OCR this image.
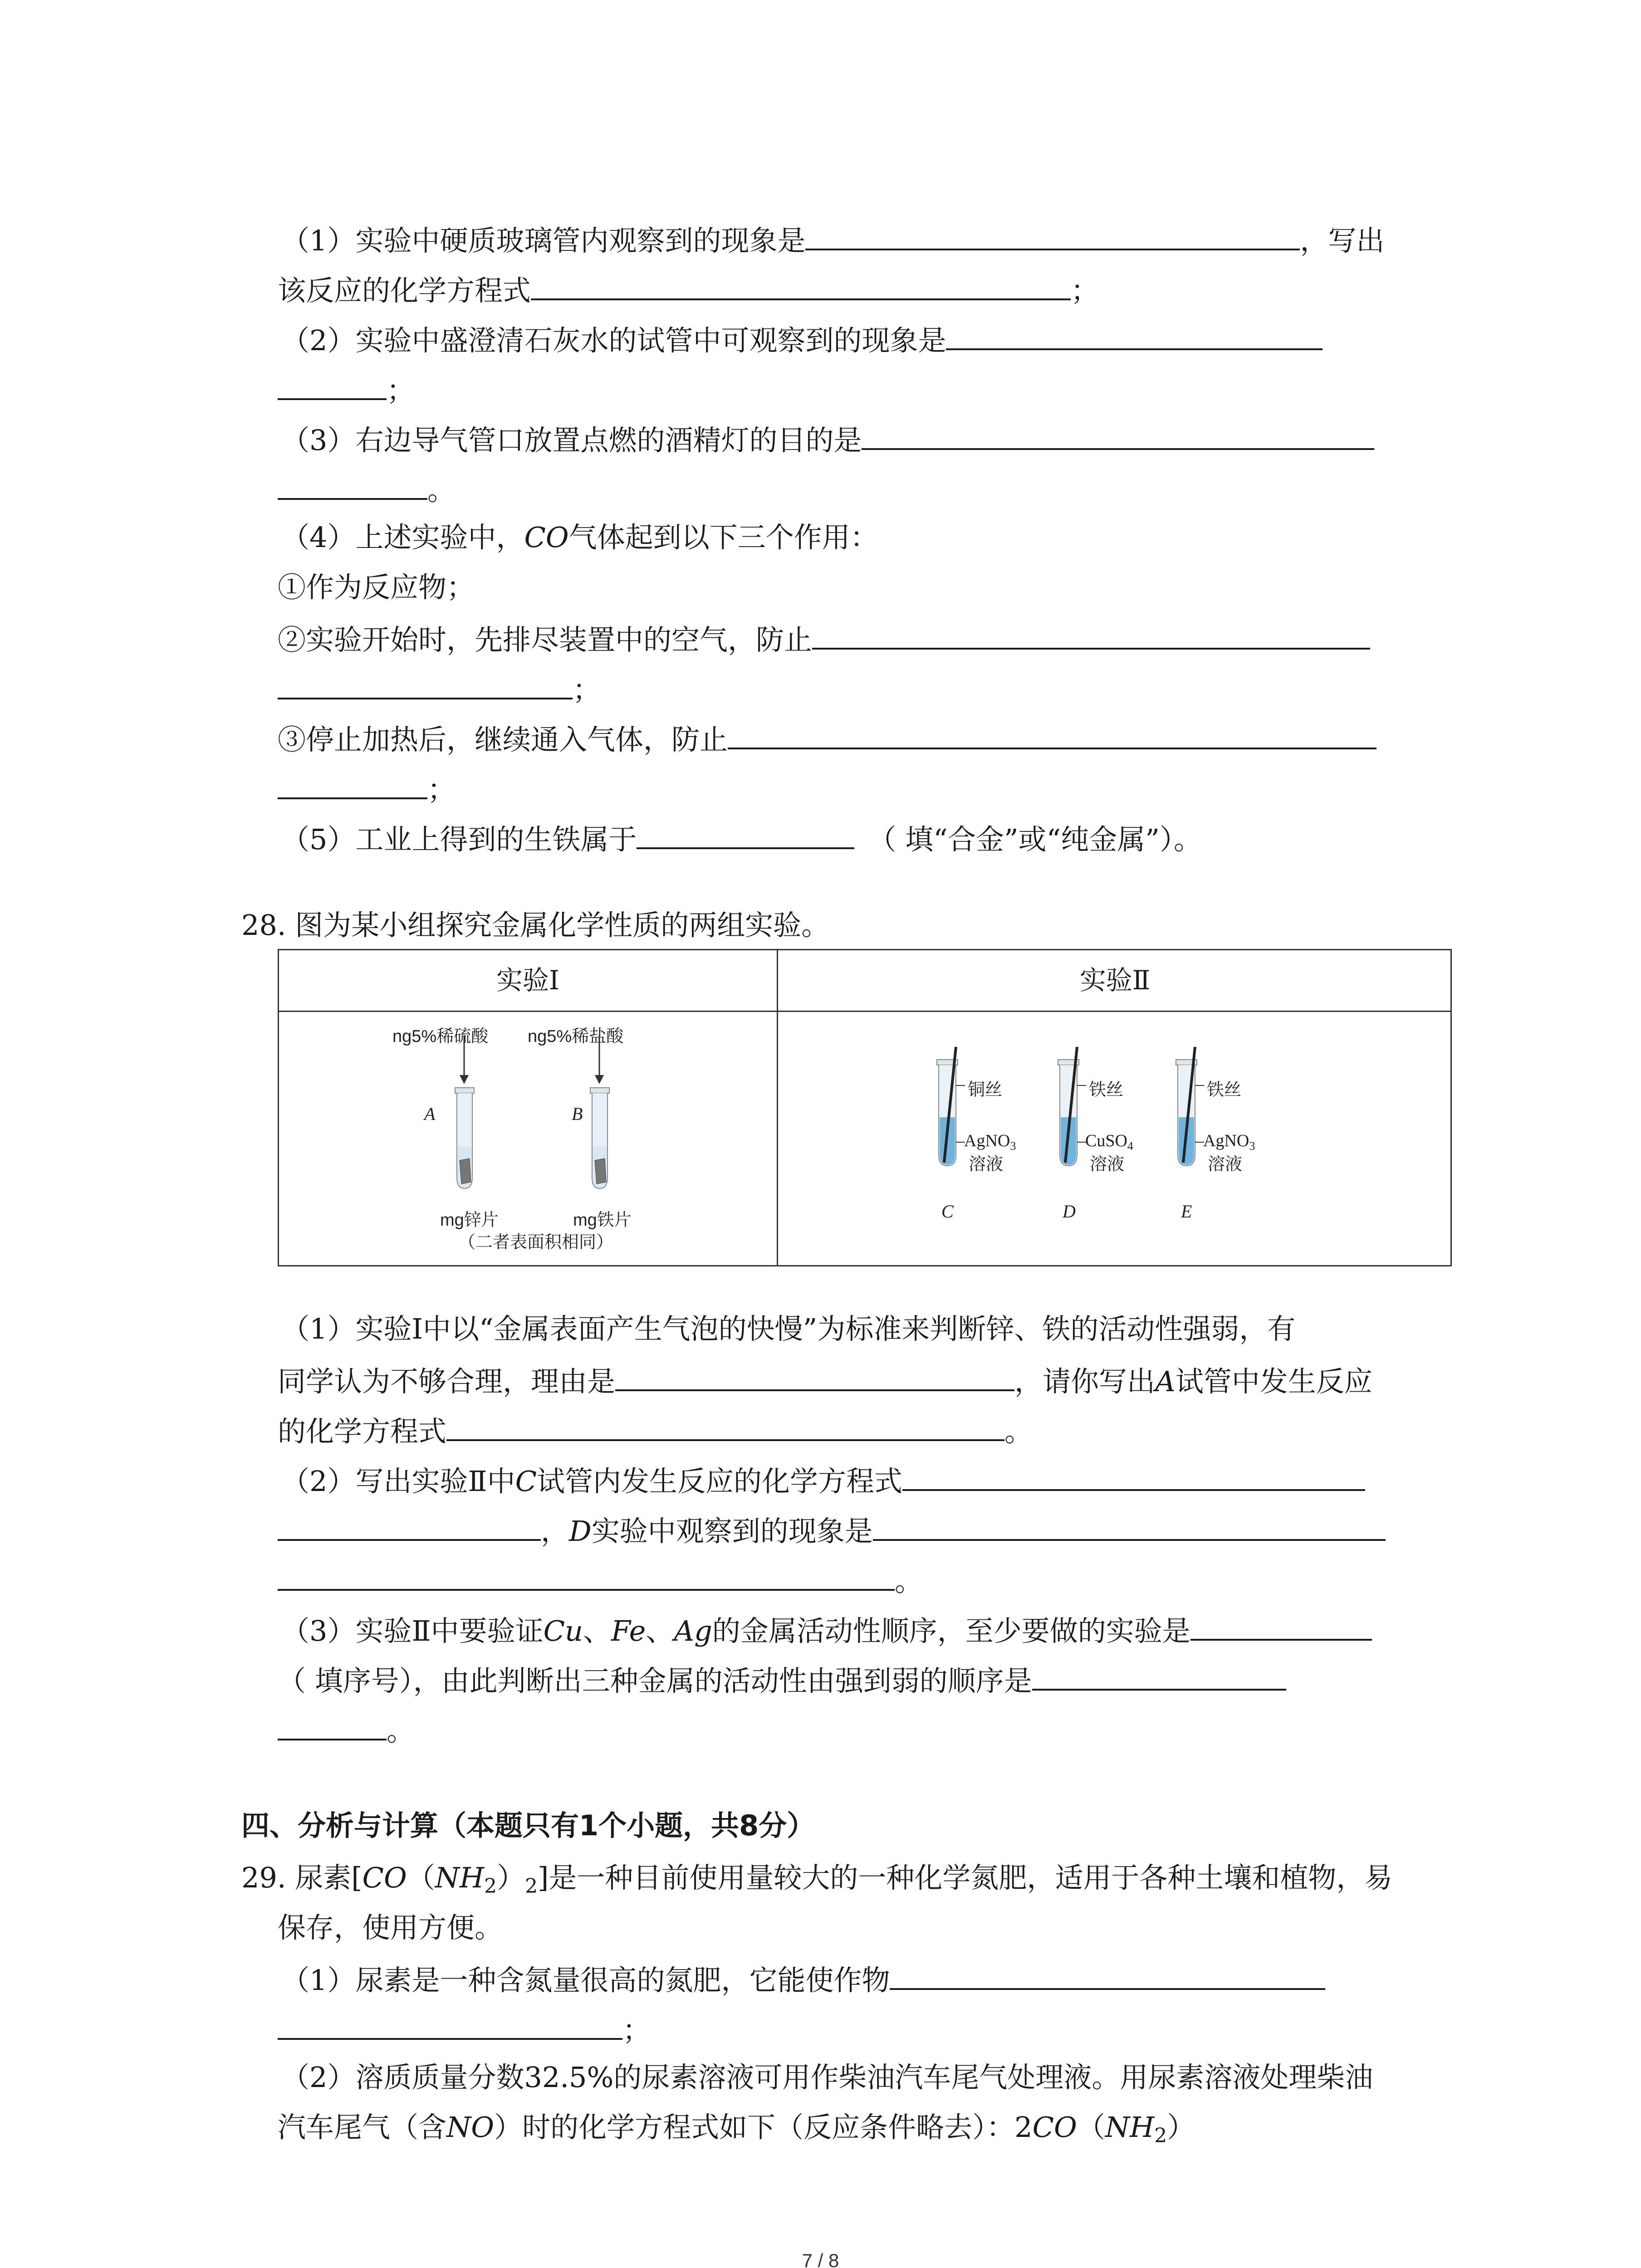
（1）实验中硬质玻璃管内观察到的现象是	，写出
该反应的化学方程式	；
（2）实验中盛澄清石灰水的试管中可观察到的现象是
；
（3）右边导气管口放置点燃的酒精灯的目的是
。
（4）上述实验中，CO气体起到以下三个作用：
①作为反应物；
②实验开始时，先排尽装置中的空气，防止
；
③停止加热后，继续通入气体，防止
；
（5）工业上得到的生铁属于	（ 填“合金”或“纯金属”）。
28. 图为某小组探究金属化学性质的两组实验。
实验Ⅰ
ng5%稀硫酸 ng5%稀盐酸
A	B
mg锌片	mg铁片
（二者表面积相同）
实验Ⅱ
铜丝	铁丝	铁丝
AgNO$_3$
溶液
CuSO$_4$
溶液
AgNO$_3$
溶液
C	D	E
（1）实验Ⅰ中以“金属表面产生气泡的快慢”为标准来判断锌、铁的活动性强弱，有
同学认为不够合理，理由是	，请你写出A试管中发生反应
的化学方程式	。
（2）写出实验Ⅱ中C试管内发生反应的化学方程式
，D实验中观察到的现象是
。
（3）实验Ⅱ中要验证Cu、Fe、Ag的金属活动性顺序，至少要做的实验是
（ 填序号），由此判断出三种金属的活动性由强到弱的顺序是
。
四、分析与计算（本题只有1个小题，共8分）
29. 尿素$[CO(NH_2)_2]$是一种目前使用量较大的一种化学氮肥，适用于各种土壤和植物，易
保存，使用方便。
（1）尿素是一种含氮量很高的氮肥，它能使作物
；
（2）溶质质量分数32.5%的尿素溶液可用作柴油汽车尾气处理液。用尿素溶液处理柴油
汽车尾气（含NO）时的化学方程式如下（反应条件略去）：$2CO(NH_2)$
7 / 8
